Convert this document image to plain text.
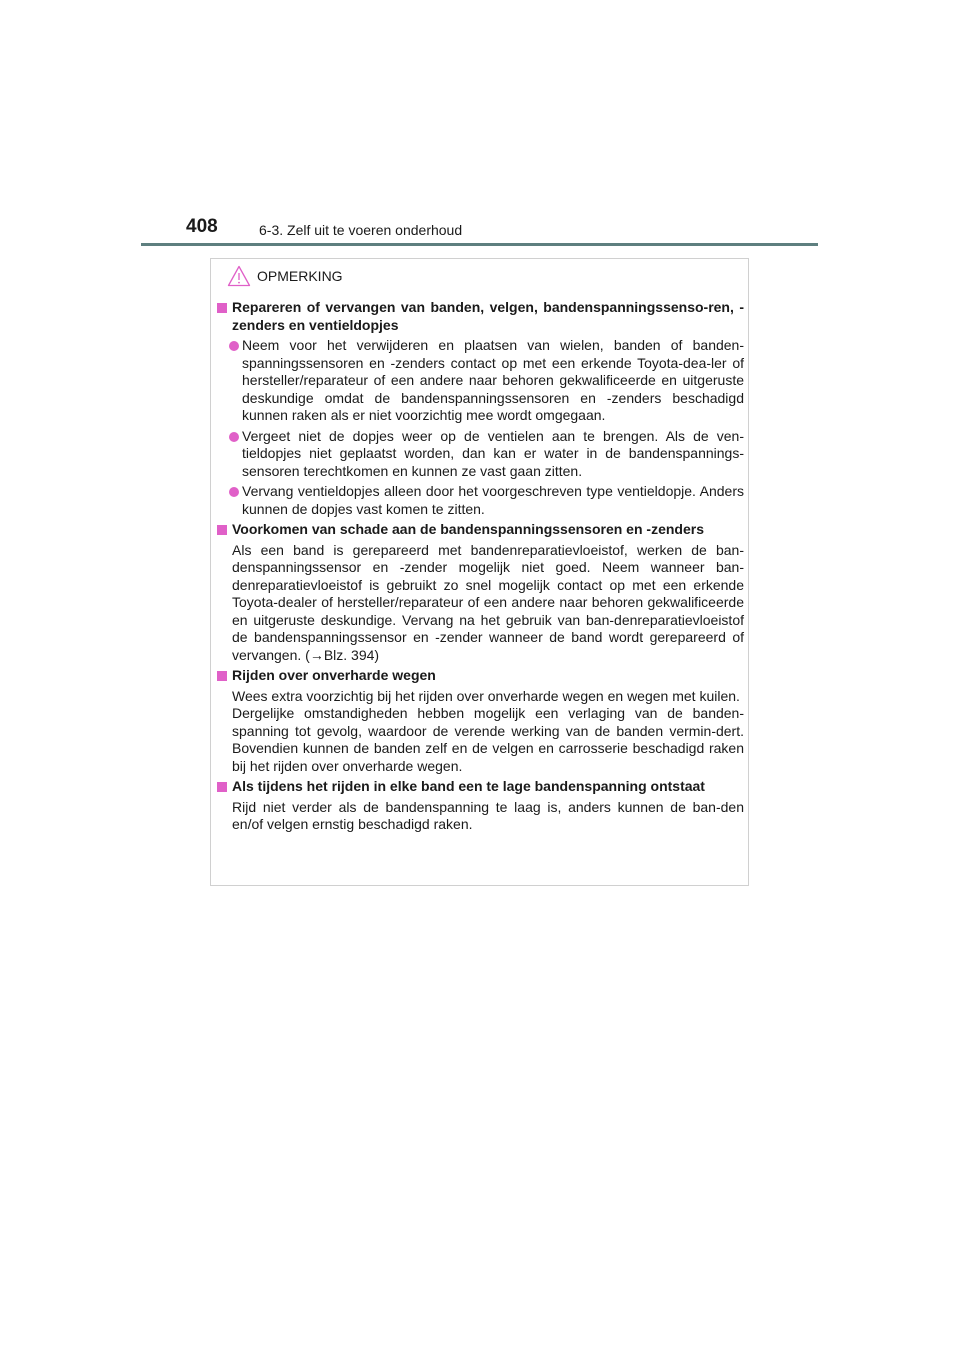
408	6-3. Zelf uit te voeren onderhoud
OPMERKING
Repareren of vervangen van banden, velgen, bandenspanningssenso-ren, -zenders en ventieldopjes
Neem voor het verwijderen en plaatsen van wielen, banden of banden-spanningssensoren en -zenders contact op met een erkende Toyota-dea-ler of hersteller/reparateur of een andere naar behoren gekwalificeerde en uitgeruste deskundige omdat de bandenspanningssensoren en -zenders beschadigd kunnen raken als er niet voorzichtig mee wordt omgegaan.
Vergeet niet de dopjes weer op de ventielen aan te brengen. Als de ven-tieldopjes niet geplaatst worden, dan kan er water in de bandenspannings-sensoren terechtkomen en kunnen ze vast gaan zitten.
Vervang ventieldopjes alleen door het voorgeschreven type ventieldopje. Anders kunnen de dopjes vast komen te zitten.
Voorkomen van schade aan de bandenspanningssensoren en -zenders
Als een band is gerepareerd met bandenreparatievloeistof, werken de ban-denspanningssensor en -zender mogelijk niet goed. Neem wanneer ban-denreparatievloeistof is gebruikt zo snel mogelijk contact op met een erkende Toyota-dealer of hersteller/reparateur of een andere naar behoren gekwalificeerde en uitgeruste deskundige. Vervang na het gebruik van ban-denreparatievloeistof de bandenspanningssensor en -zender wanneer de band wordt gerepareerd of vervangen. (→Blz. 394)
Rijden over onverharde wegen
Wees extra voorzichtig bij het rijden over onverharde wegen en wegen met kuilen.
Dergelijke omstandigheden hebben mogelijk een verlaging van de banden-spanning tot gevolg, waardoor de verende werking van de banden vermin-dert. Bovendien kunnen de banden zelf en de velgen en carrosserie beschadigd raken bij het rijden over onverharde wegen.
Als tijdens het rijden in elke band een te lage bandenspanning ontstaat
Rijd niet verder als de bandenspanning te laag is, anders kunnen de ban-den en/of velgen ernstig beschadigd raken.
